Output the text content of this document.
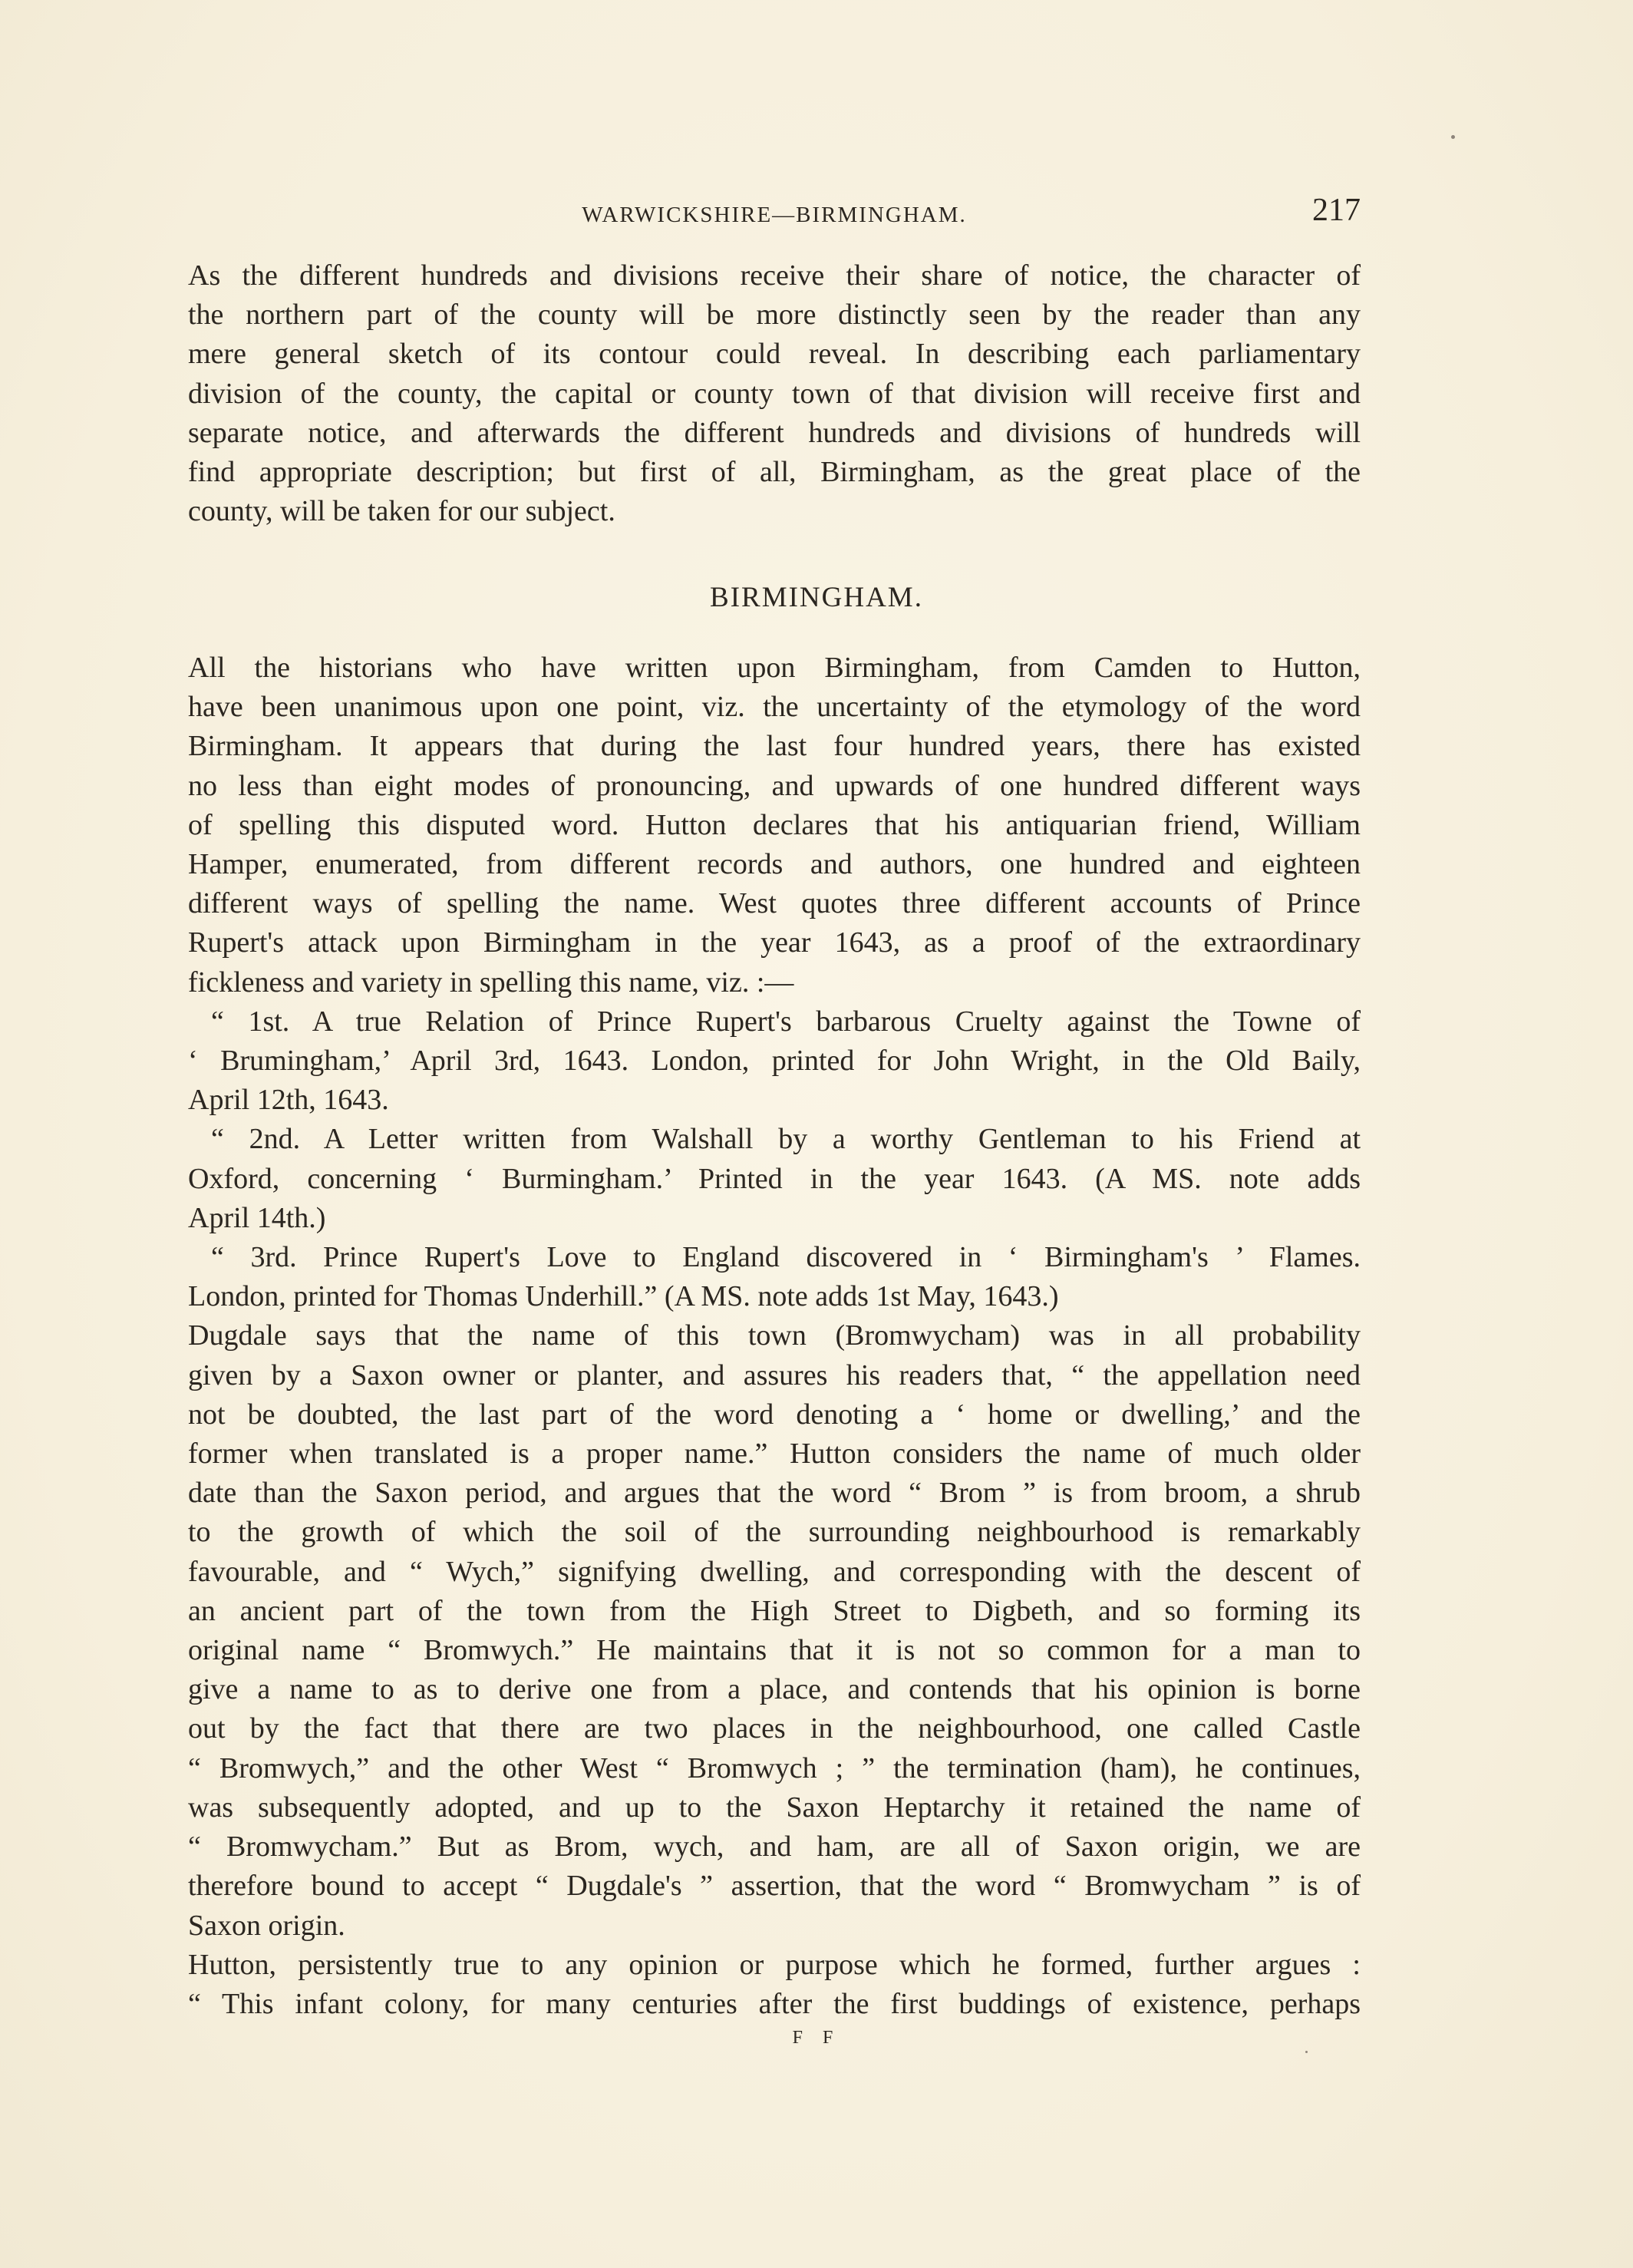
WARWICKSHIRE—BIRMINGHAM.	217
As the different hundreds and divisions receive their share of notice, the character of
the northern part of the county will be more distinctly seen by the reader than any
mere general sketch of its contour could reveal. In describing each parliamentary
division of the county, the capital or county town of that division will receive first and
separate notice, and afterwards the different hundreds and divisions of hundreds will
find appropriate description; but first of all, Birmingham, as the great place of the
county, will be taken for our subject.
BIRMINGHAM.
All the historians who have written upon Birmingham, from Camden to Hutton,
have been unanimous upon one point, viz. the uncertainty of the etymology of the word
Birmingham. It appears that during the last four hundred years, there has existed
no less than eight modes of pronouncing, and upwards of one hundred different ways
of spelling this disputed word. Hutton declares that his antiquarian friend, William
Hamper, enumerated, from different records and authors, one hundred and eighteen
different ways of spelling the name. West quotes three different accounts of Prince
Rupert's attack upon Birmingham in the year 1643, as a proof of the extraordinary
fickleness and variety in spelling this name, viz. :—
“ 1st. A true Relation of Prince Rupert's barbarous Cruelty against the Towne of
‘ Brumingham,’ April 3rd, 1643. London, printed for John Wright, in the Old Baily,
April 12th, 1643.
“ 2nd. A Letter written from Walshall by a worthy Gentleman to his Friend at
Oxford, concerning ‘ Burmingham.’ Printed in the year 1643. (A MS. note adds
April 14th.)
“ 3rd. Prince Rupert's Love to England discovered in ‘ Birmingham's ’ Flames.
London, printed for Thomas Underhill.” (A MS. note adds 1st May, 1643.)
Dugdale says that the name of this town (Bromwycham) was in all probability
given by a Saxon owner or planter, and assures his readers that, “ the appellation need
not be doubted, the last part of the word denoting a ‘ home or dwelling,’ and the
former when translated is a proper name.” Hutton considers the name of much older
date than the Saxon period, and argues that the word “ Brom ” is from broom, a shrub
to the growth of which the soil of the surrounding neighbourhood is remarkably
favourable, and “ Wych,” signifying dwelling, and corresponding with the descent of
an ancient part of the town from the High Street to Digbeth, and so forming its
original name “ Bromwych.” He maintains that it is not so common for a man to
give a name to as to derive one from a place, and contends that his opinion is borne
out by the fact that there are two places in the neighbourhood, one called Castle
“ Bromwych,” and the other West “ Bromwych ; ” the termination (ham), he continues,
was subsequently adopted, and up to the Saxon Heptarchy it retained the name of
“ Bromwycham.” But as Brom, wych, and ham, are all of Saxon origin, we are
therefore bound to accept “ Dugdale's ” assertion, that the word “ Bromwycham ” is of
Saxon origin.
Hutton, persistently true to any opinion or purpose which he formed, further argues :
“ This infant colony, for many centuries after the first buddings of existence, perhaps
F F
